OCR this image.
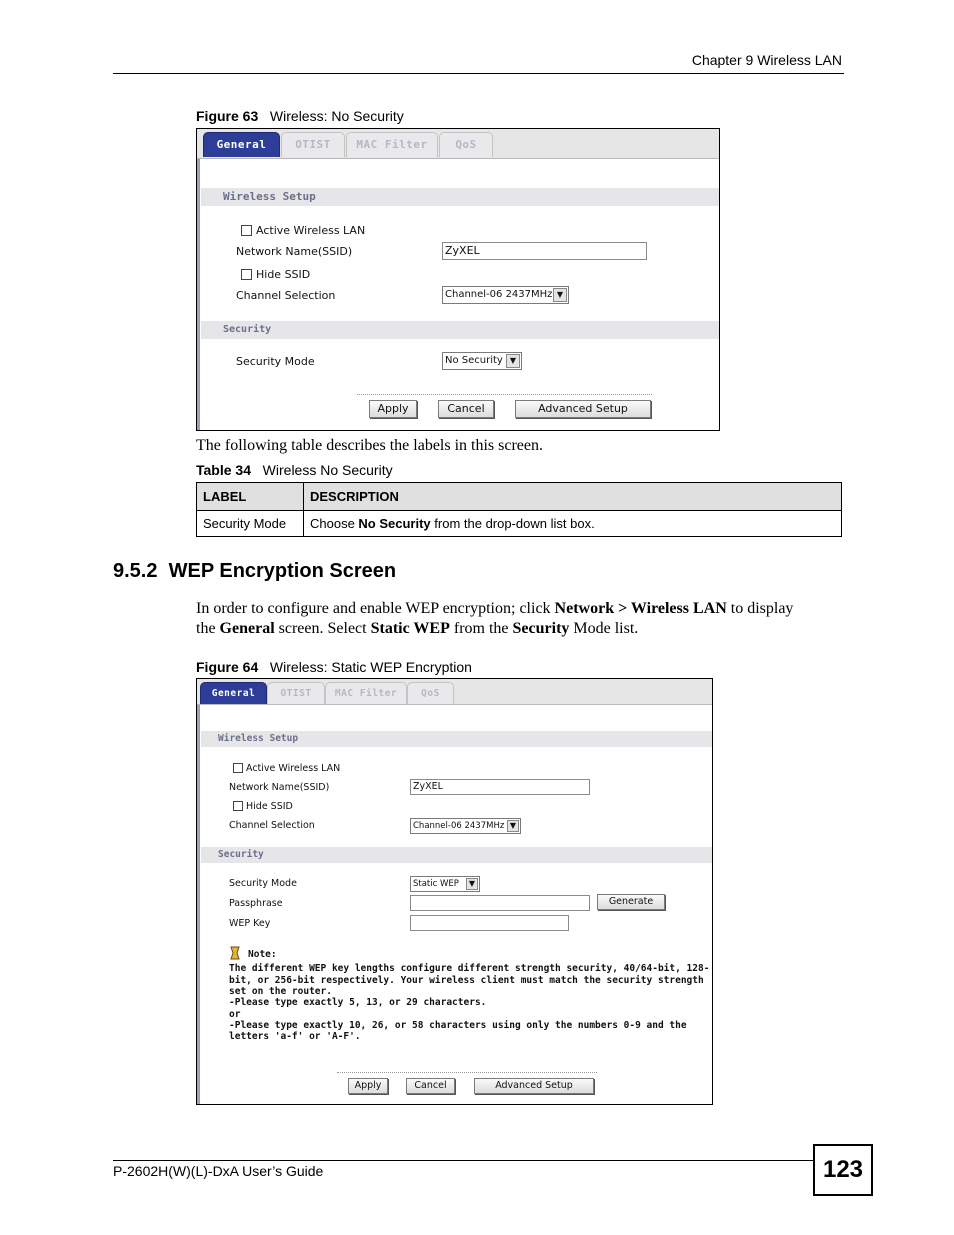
Chapter 9 Wireless LAN
Figure 63 Wireless: No Security
General	OTIST	MAC Filter	QoS
Wireless Setup
Active Wireless LAN
Network Name(SSID)	ZyXEL
Hide SSID
Channel Selection	Channel-06 2437MHz ▼
Security
Security Mode	No Security ▼
Apply	Cancel	Advanced Setup
The following table describes the labels in this screen.
Table 34 Wireless No Security
LABEL	DESCRIPTION
Security Mode	Choose No Security from the drop-down list box.
9.5.2  WEP Encryption Screen
In order to configure and enable WEP encryption; click Network > Wireless LAN to display
the General screen. Select Static WEP from the Security Mode list.
Figure 64 Wireless: Static WEP Encryption
General	OTIST	MAC Filter	QoS
Wireless Setup
Active Wireless LAN
Network Name(SSID)	ZyXEL
Hide SSID
Channel Selection	Channel-06 2437MHz ▼
Security
Security Mode	Static WEP	▼
Passphrase	Generate
WEP Key
Note:
The different WEP key lengths configure different strength security, 40/64-bit, 128-
bit, or 256-bit respectively. Your wireless client must match the security strength
set on the router.
-Please type exactly 5, 13, or 29 characters.
or
-Please type exactly 10, 26, or 58 characters using only the numbers 0-9 and the
letters 'a-f' or 'A-F'.
Apply	Cancel	Advanced Setup
P-2602H(W)(L)-DxA User’s Guide	123
